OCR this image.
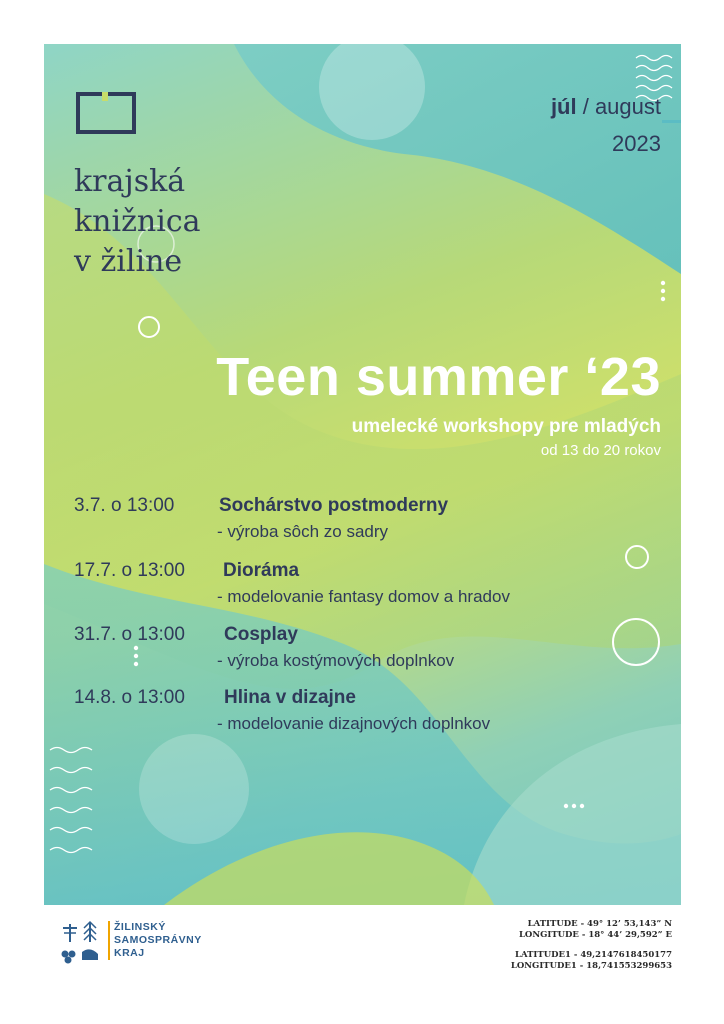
krajská
knižnica
v žiline
júl / august
2023
Teen summer ‘23
umelecké workshopy pre mladých
od 13 do 20 rokov
3.7. o 13:00 Sochárstvo postmoderny
- výroba sôch zo sadry
17.7. o 13:00 Dioráma
- modelovanie fantasy domov a hradov
31.7. o 13:00 Cosplay
- výroba kostýmových doplnkov
14.8. o 13:00 Hlina v dizajne
- modelovanie dizajnových doplnkov
ŽILINSKÝ
SAMOSPRÁVNY
KRAJ
LATITUDE - 49° 12’ 53,143” N
LONGITUDE - 18° 44’ 29,592” E
LATITUDE1 - 49,2147618450177
LONGITUDE1 - 18,741553299653
